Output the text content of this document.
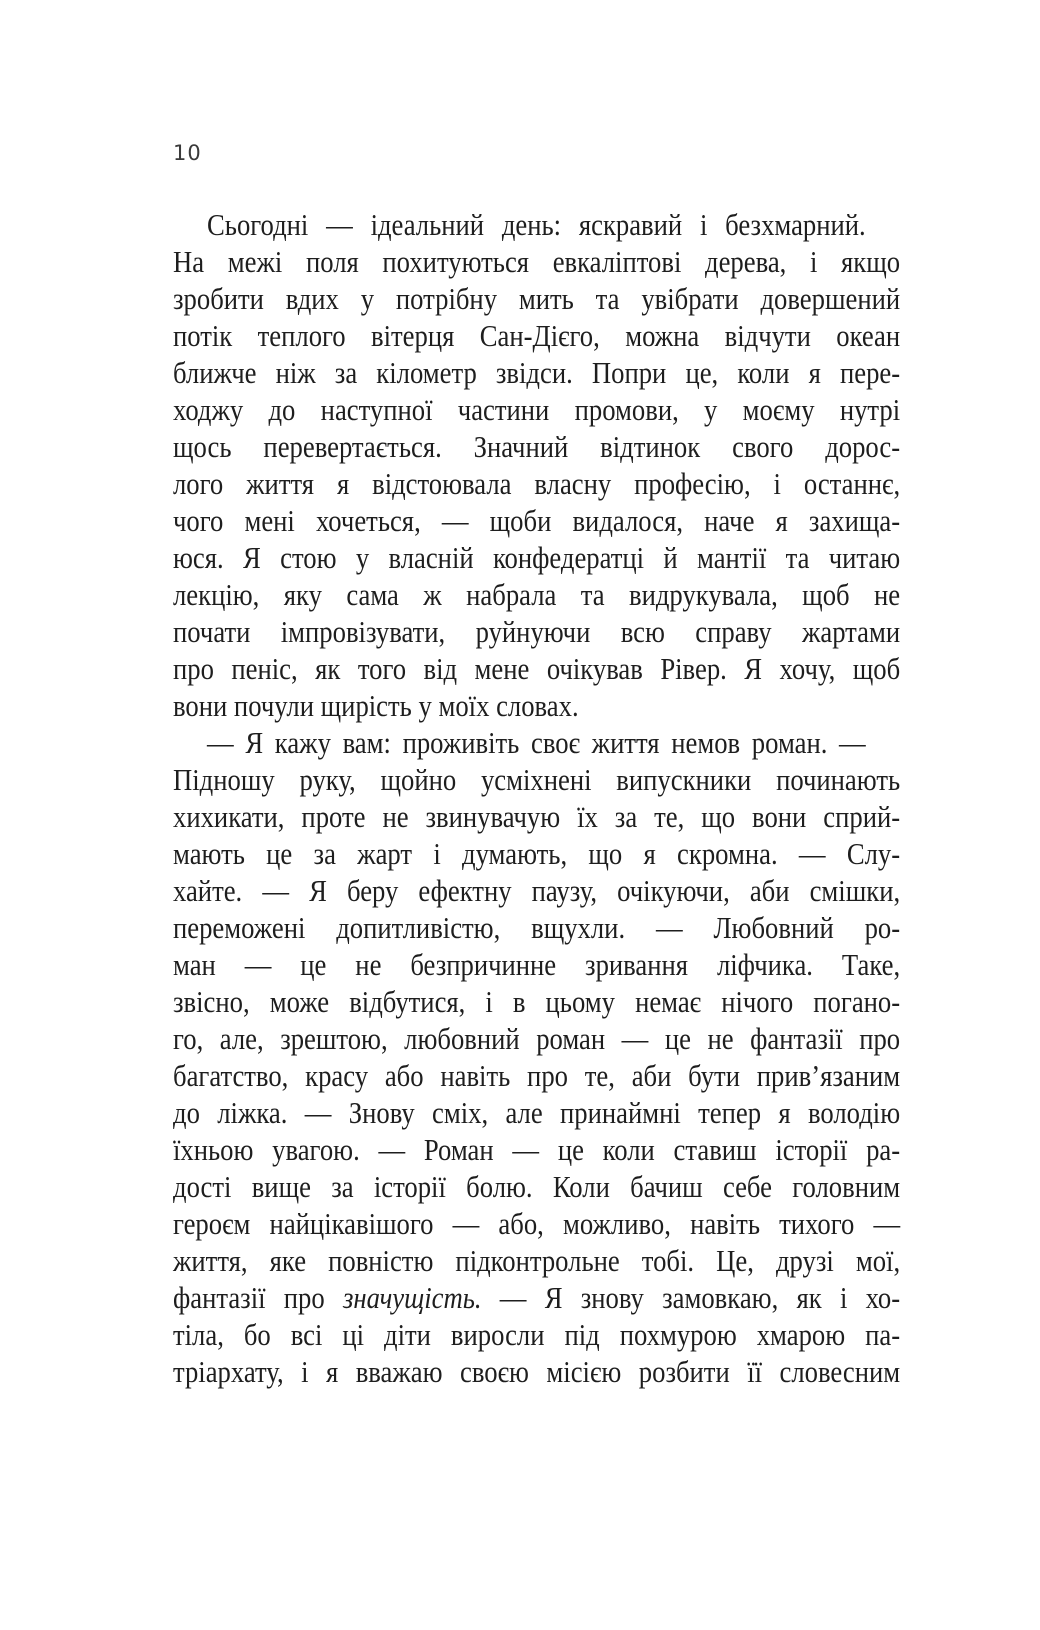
10
Сьогодні — ідеальний день: яскравий і безхмарний.
На межі поля похитуються евкаліптові дерева, і якщо
зробити вдих у потрібну мить та увібрати довершений
потік теплого вітерця Сан-Дієго, можна відчути океан
ближче ніж за кілометр звідси. Попри це, коли я пере-
ходжу до наступної частини промови, у моєму нутрі
щось перевертається. Значний відтинок свого дорос-
лого життя я відстоювала власну професію, і останнє,
чого мені хочеться, — щоби видалося, наче я захища-
юся. Я стою у власній конфедератці й мантії та читаю
лекцію, яку сама ж набрала та видрукувала, щоб не
почати імпровізувати, руйнуючи всю справу жартами
про пеніс, як того від мене очікував Рівер. Я хочу, щоб
вони почули щирість у моїх словах.
— Я кажу вам: проживіть своє життя немов роман. —
Підношу руку, щойно усміхнені випускники починають
хихикати, проте не звинувачую їх за те, що вони сприй-
мають це за жарт і думають, що я скромна. — Слу-
хайте. — Я беру ефектну паузу, очікуючи, аби смішки,
переможені допитливістю, вщухли. — Любовний ро-
ман — це не безпричинне зривання ліфчика. Таке,
звісно, може відбутися, і в цьому немає нічого погано-
го, але, зрештою, любовний роман — це не фантазії про
багатство, красу або навіть про те, аби бути прив’язаним
до ліжка. — Знову сміх, але принаймні тепер я володію
їхньою увагою. — Роман — це коли ставиш історії ра-
дості вище за історії болю. Коли бачиш себе головним
героєм найцікавішого — або, можливо, навіть тихого —
життя, яке повністю підконтрольне тобі. Це, друзі мої,
фантазії про значущість. — Я знову замовкаю, як і хо-
тіла, бо всі ці діти виросли під похмурою хмарою па-
тріархату, і я вважаю своєю місією розбити її словесним
